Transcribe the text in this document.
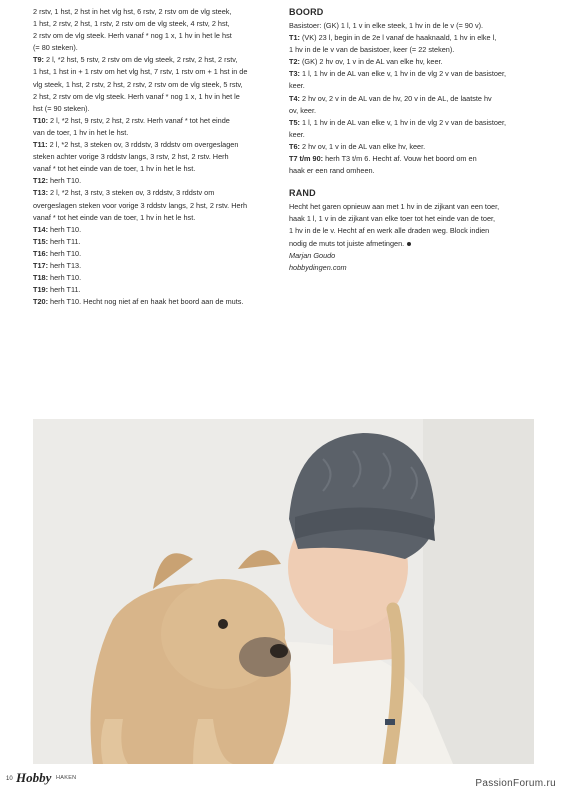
2 rstv, 1 hst, 2 hst in het vlg hst, 6 rstv, 2 rstv om de vlg steek,
1 hst, 2 rstv, 2 hst, 1 rstv, 2 rstv om de vlg steek, 4 rstv, 2 hst,
2 rstv om de vlg steek. Herh vanaf * nog 1 x, 1 hv in het le hst
(= 80 steken).
T9: 2 l, *2 hst, 5 rstv, 2 rstv om de vlg steek, 2 rstv, 2 hst, 2 rstv,
1 hst, 1 hst in + 1 rstv om het vlg hst, 7 rstv, 1 rstv om + 1 hst in de
vlg steek, 1 hst, 2 rstv, 2 hst, 2 rstv, 2 rstv om de vlg steek, 5 rstv,
2 hst, 2 rstv om de vlg steek. Herh vanaf * nog 1 x, 1 hv in het le
hst (= 90 steken).
T10: 2 l, *2 hst, 9 rstv, 2 hst, 2 rstv. Herh vanaf * tot het einde
van de toer, 1 hv in het le hst.
T11: 2 l, *2 hst, 3 steken ov, 3 rddstv, 3 rddstv om overgeslagen
steken achter vorige 3 rddstv langs, 3 rstv, 2 hst, 2 rstv. Herh
vanaf * tot het einde van de toer, 1 hv in het le hst.
T12: herh T10.
T13: 2 l, *2 hst, 3 rstv, 3 steken ov, 3 rddstv, 3 rddstv om
overgeslagen steken voor vorige 3 rddstv langs, 2 hst, 2 rstv. Herh
vanaf * tot het einde van de toer, 1 hv in het le hst.
T14: herh T10.
T15: herh T11.
T16: herh T10.
T17: herh T13.
T18: herh T10.
T19: herh T11.
T20: herh T10. Hecht nog niet af en haak het boord aan de muts.
BOORD
Basistoer: (GK) 1 l, 1 v in elke steek, 1 hv in de le v (= 90 v).
T1: (VK) 23 l, begin in de 2e l vanaf de haaknaald, 1 hv in elke l,
1 hv in de le v van de basistoer, keer (= 22 steken).
T2: (GK) 2 hv ov, 1 v in de AL van elke hv, keer.
T3: 1 l, 1 hv in de AL van elke v, 1 hv in de vlg 2 v van de basistoer,
keer.
T4: 2 hv ov, 2 v in de AL van de hv, 20 v in de AL, de laatste hv
ov, keer.
T5: 1 l, 1 hv in de AL van elke v, 1 hv in de vlg 2 v van de basistoer,
keer.
T6: 2 hv ov, 1 v in de AL van elke hv, keer.
T7 t/m 90: herh T3 t/m 6. Hecht af. Vouw het boord om en
haak er een rand omheen.
RAND
Hecht het garen opnieuw aan met 1 hv in de zijkant van een toer,
haak 1 l, 1 v in de zijkant van elke toer tot het einde van de toer,
1 hv in de le v. Hecht af en werk alle draden weg. Block indien
nodig de muts tot juiste afmetingen.
Marjan Goudo
hobbydingen.com
10 Hobby HAKEN	PassionForum.ru
